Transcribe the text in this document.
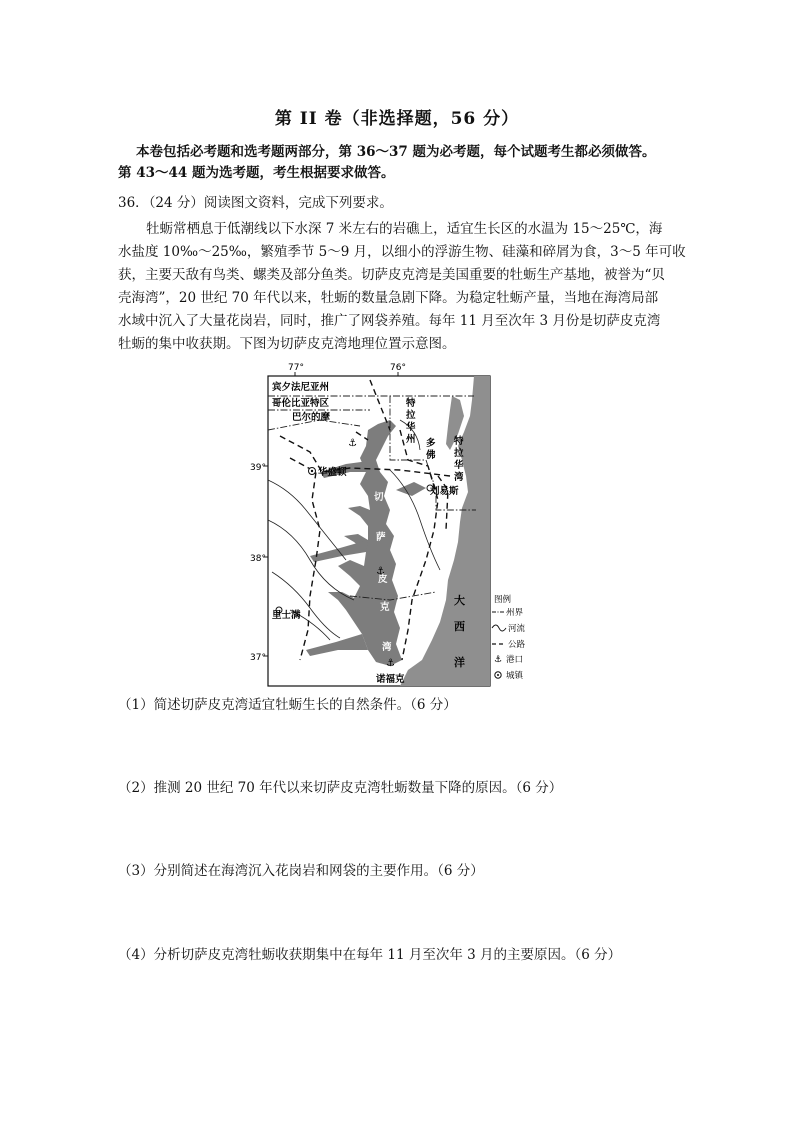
第 II 卷（非选择题，56 分）
本卷包括必考题和选考题两部分，第 36～37 题为必考题，每个试题考生都必须做答。
第 43～44 题为选考题，考生根据要求做答。
36．（24 分）阅读图文资料，完成下列要求。

牡蛎常栖息于低潮线以下水深 7 米左右的岩礁上，适宜生长区的水温为 15～25℃，海

水盐度 10‰～25‰，繁殖季节 5～9 月，以细小的浮游生物、硅藻和碎屑为食，3～5 年可收

获，主要天敌有鸟类、螺类及部分鱼类。切萨皮克湾是美国重要的牡蛎生产基地，被誉为“贝

壳海湾”，20 世纪 70 年代以来，牡蛎的数量急剧下降。为稳定牡蛎产量，当地在海湾局部

水域中沉入了大量花岗岩，同时，推广了网袋养殖。每年 11 月至次年 3 月份是切萨皮克湾

牡蛎的集中收获期。下图为切萨皮克湾地理位置示意图。

77°	76°
39°
38°
37°
⚓
⚓
⚓
宾夕法尼亚州
哥伦比亚特区
巴尔的摩
华盛顿
刘易斯
里士满
诺福克
特拉华州 多佛
特拉华湾
切萨皮克湾
大西洋
图例
州界
河流
公路
⚓ 港口
城镇
（1）简述切萨皮克湾适宜牡蛎生长的自然条件。（6 分）
（2）推测 20 世纪 70 年代以来切萨皮克湾牡蛎数量下降的原因。（6 分）
（3）分别简述在海湾沉入花岗岩和网袋的主要作用。（6 分）
（4）分析切萨皮克湾牡蛎收获期集中在每年 11 月至次年 3 月的主要原因。（6 分）
